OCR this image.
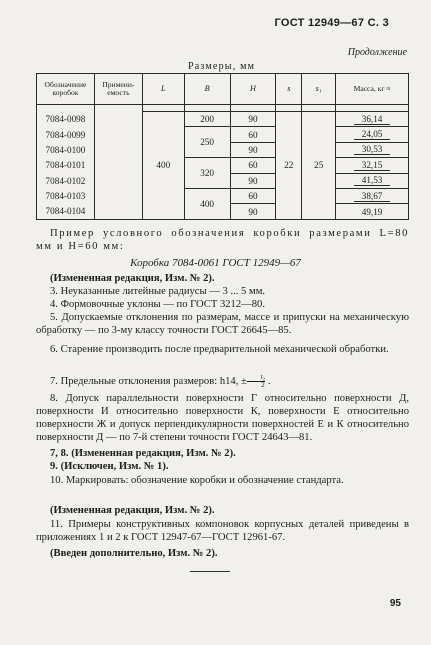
ГОСТ 12949—67 С. 3
Продолжение
Размеры, мм
Обозначение коробок	Примени-емость	L	B	H	s	s₁	Масса, кг ≈

7084-0098		400	200	90	22	25	36,14
7084-0099			250	60			24,05
7084-0100				90			30,53
7084-0101			320	60			32,15
7084-0102				90			41,53
7084-0103			400	60			38,67
7084-0104				90			49,19
Пример условного обозначения коробки размерами L=80 мм и H=60 мм:
Коробка 7084-0061 ГОСТ 12949—67
(Измененная редакция, Изм. № 2).
3. Неуказанные литейные радиусы — 3 ... 5 мм.
4. Формовочные уклоны — по ГОСТ 3212—80.
5. Допускаемые отклонения по размерам, массе и припуски на механическую обработку — по 3-му классу точности ГОСТ 26645—85.
6. Старение производить после предварительной механической обработки.
7. Предельные отклонения размеров: h14, ± $\frac{\text{t₂}}{2}$ .
8. Допуск параллельности поверхности Г относительно поверхности Д, поверхности И относительно поверхности К, поверхности Е относительно поверхности Ж и допуск перпендикулярности поверхностей Е и К относительно поверхности Д — по 7-й степени точности ГОСТ 24643—81.
7, 8. (Измененная редакция, Изм. № 2).
9. (Исключен, Изм. № 1).
10. Маркировать: обозначение коробки и обозначение стандарта.
(Измененная редакция, Изм. № 2).
11. Примеры конструктивных компоновок корпусных деталей приведены в приложениях 1 и 2 к ГОСТ 12947-67—ГОСТ 12961-67.
(Введен дополнительно, Изм. № 2).
95
